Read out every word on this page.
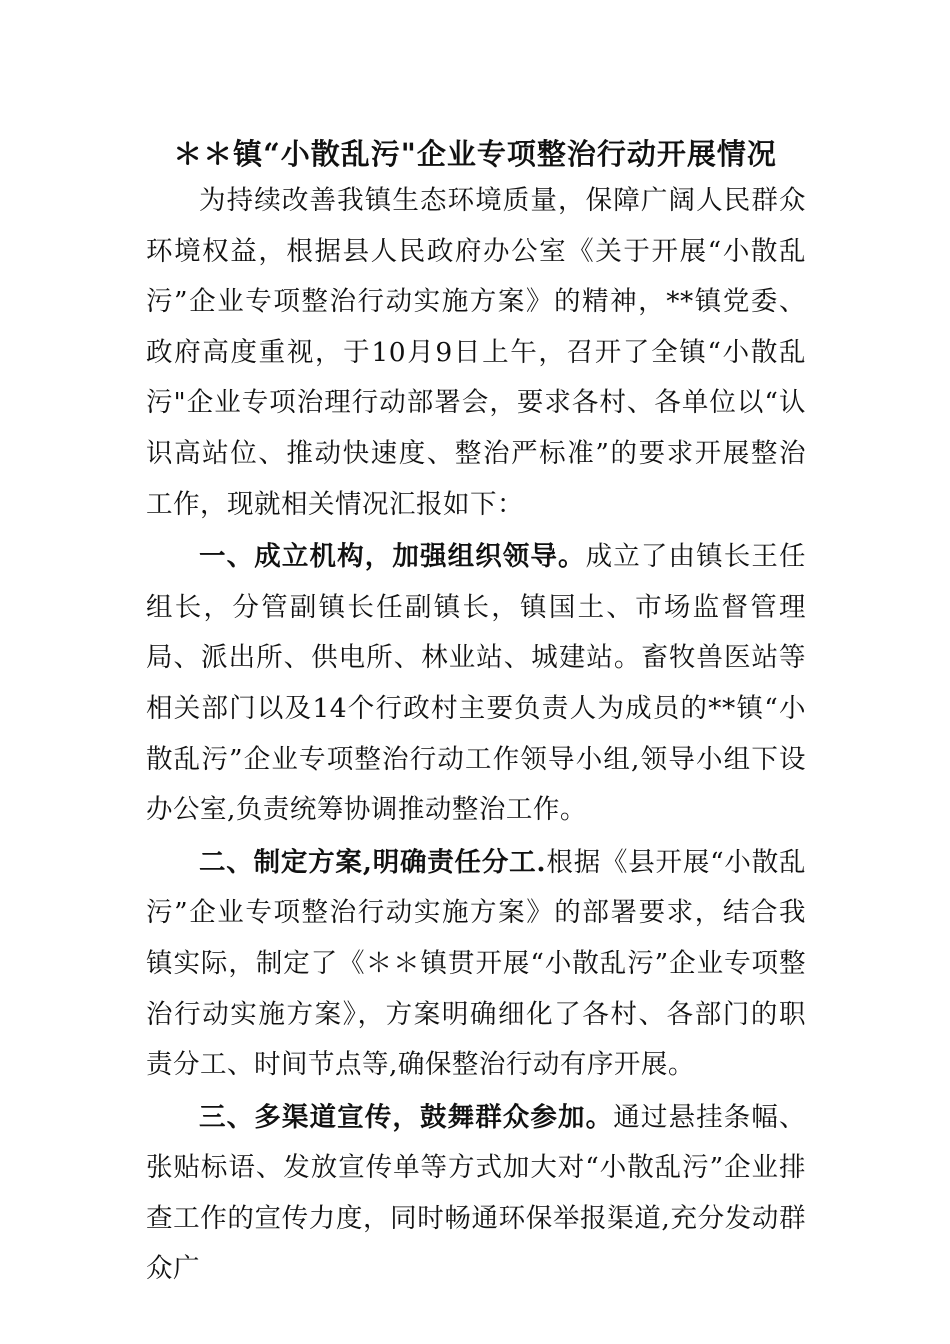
＊＊镇“小散乱污"企业专项整治行动开展情况

为持续改善我镇生态环境质量，保障广阔人民群众环境权益，根据县人民政府办公室《关于开展“小散乱污”企业专项整治行动实施方案》的精神，**镇党委、政府高度重视，于10月9日上午，召开了全镇“小散乱污"企业专项治理行动部署会，要求各村、各单位以“认识高站位、推动快速度、整治严标准”的要求开展整治工作，现就相关情况汇报如下：

一、成立机构，加强组织领导。成立了由镇长王任组长，分管副镇长任副镇长，镇国土、市场监督管理局、派出所、供电所、林业站、城建站。畜牧兽医站等相关部门以及14个行政村主要负责人为成员的**镇“小散乱污”企业专项整治行动工作领导小组,领导小组下设办公室,负责统筹协调推动整治工作。

二、制定方案,明确责任分工.根据《县开展“小散乱污”企业专项整治行动实施方案》的部署要求，结合我镇实际，制定了《＊＊镇贯开展“小散乱污”企业专项整治行动实施方案》，方案明确细化了各村、各部门的职责分工、时间节点等,确保整治行动有序开展。

三、多渠道宣传，鼓舞群众参加。通过悬挂条幅、张贴标语、发放宣传单等方式加大对“小散乱污”企业排查工作的宣传力度，同时畅通环保举报渠道,充分发动群众广
